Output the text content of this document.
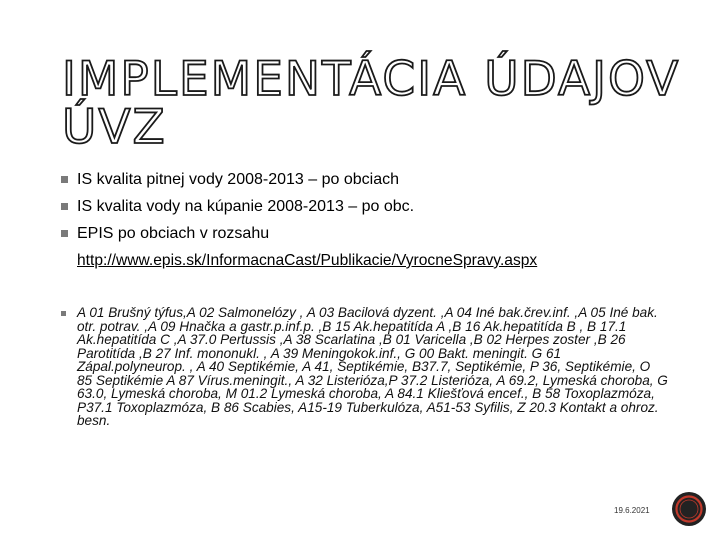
IMPLEMENTÁCIA ÚDAJOV
ÚVZ
IS kvalita pitnej vody 2008-2013 – po obciach
IS kvalita vody na kúpanie 2008-2013 – po obc.
EPIS po obciach v rozsahu
http://www.epis.sk/InformacnaCast/Publikacie/VyrocneSpravy.aspx
A 01 Brušný týfus,A 02 Salmonelózy , A 03 Bacilová dyzent. ,A 04 Iné bak.črev.inf. ,A 05 Iné bak. otr. potrav. ,A 09 Hnačka a gastr.p.inf.p. ,B 15 Ak.hepatitída A ,B 16 Ak.hepatitída B , B 17.1 Ak.hepatitída C ,A 37.0 Pertussis ,A 38 Scarlatina ,B 01 Varicella ,B 02 Herpes zoster ,B 26 Parotitída ,B 27 Inf. mononukl. , A 39 Meningokok.inf., G 00 Bakt. meningit. G 61 Zápal.polyneurop. , A 40 Septikémie, A 41, Septikémie, B37.7, Septikémie, P 36, Septikémie, O 85 Septikémie A 87 Vírus.meningit., A 32 Listerióza,P 37.2 Listerióza, A 69.2, Lymeská choroba, G 63.0, Lymeská choroba, M 01.2 Lymeská choroba, A 84.1 Kliešťová encef., B 58 Toxoplazmóza, P37.1 Toxoplazmóza, B 86 Scabies, A15-19 Tuberkulóza, A51-53 Syfilis, Z 20.3 Kontakt a ohroz. besn.
19.6.2021
